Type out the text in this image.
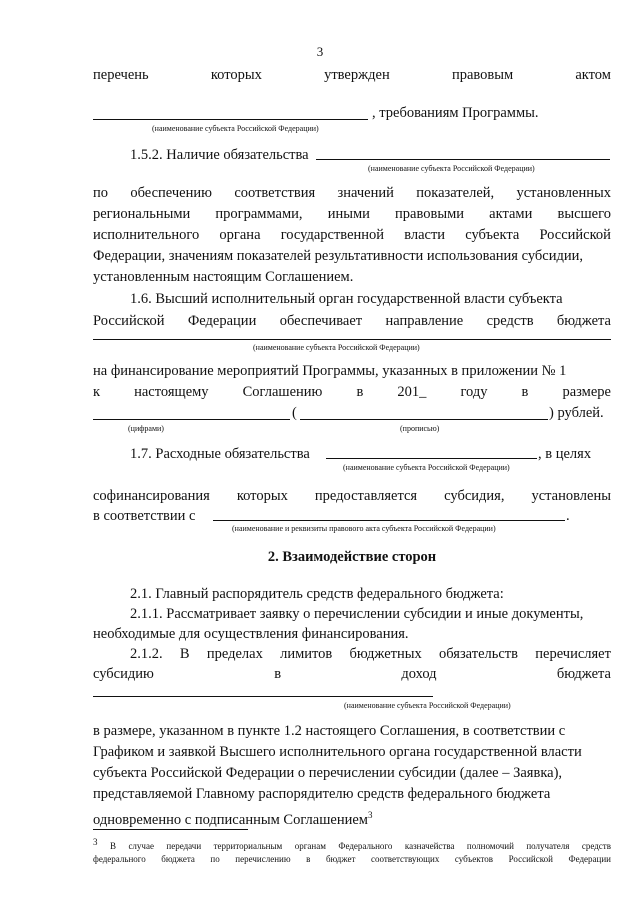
3
перечень	которых	утвержден	правовым	актом
, требованиям Программы.
(наименование субъекта Российской Федерации)
1.5.2. Наличие обязательства
(наименование субъекта Российской Федерации)
по обеспечению соответствия значений показателей, установленных
региональными программами, иными правовыми актами высшего
исполнительного органа государственной власти субъекта Российской
Федерации, значениям показателей результативности использования субсидии,
установленным настоящим Соглашением.
1.6. Высший исполнительный орган государственной власти субъекта
Российской Федерации обеспечивает направление средств бюджета
(наименование субъекта Российской Федерации)
на финансирование мероприятий Программы, указанных в приложении № 1
к настоящему Соглашению в 201_ году в размере
(	) рублей.
(цифрами)	(прописью)
1.7. Расходные обязательства	, в целях
(наименование субъекта Российской Федерации)
софинансирования которых предоставляется субсидия, установлены
в соответствии с	.
(наименование и реквизиты правового акта субъекта Российской Федерации)
2. Взаимодействие сторон
2.1. Главный распорядитель средств федерального бюджета:
2.1.1. Рассматривает заявку о перечислении субсидии и иные документы,
необходимые для осуществления финансирования.
2.1.2. В пределах лимитов бюджетных обязательств перечисляет
субсидию	в	доход	бюджета
(наименование субъекта Российской Федерации)
в размере, указанном в пункте 1.2 настоящего Соглашения, в соответствии с
Графиком и заявкой Высшего исполнительного органа государственной власти
субъекта Российской Федерации о перечислении субсидии (далее – Заявка),
представляемой Главному распорядителю средств федерального бюджета
одновременно с подписанным Соглашением$^3$
$^3$ В случае передачи территориальным органам Федерального казначейства полномочий получателя средств
федерального бюджета по перечислению в бюджет соответствующих субъектов Российской Федерации
